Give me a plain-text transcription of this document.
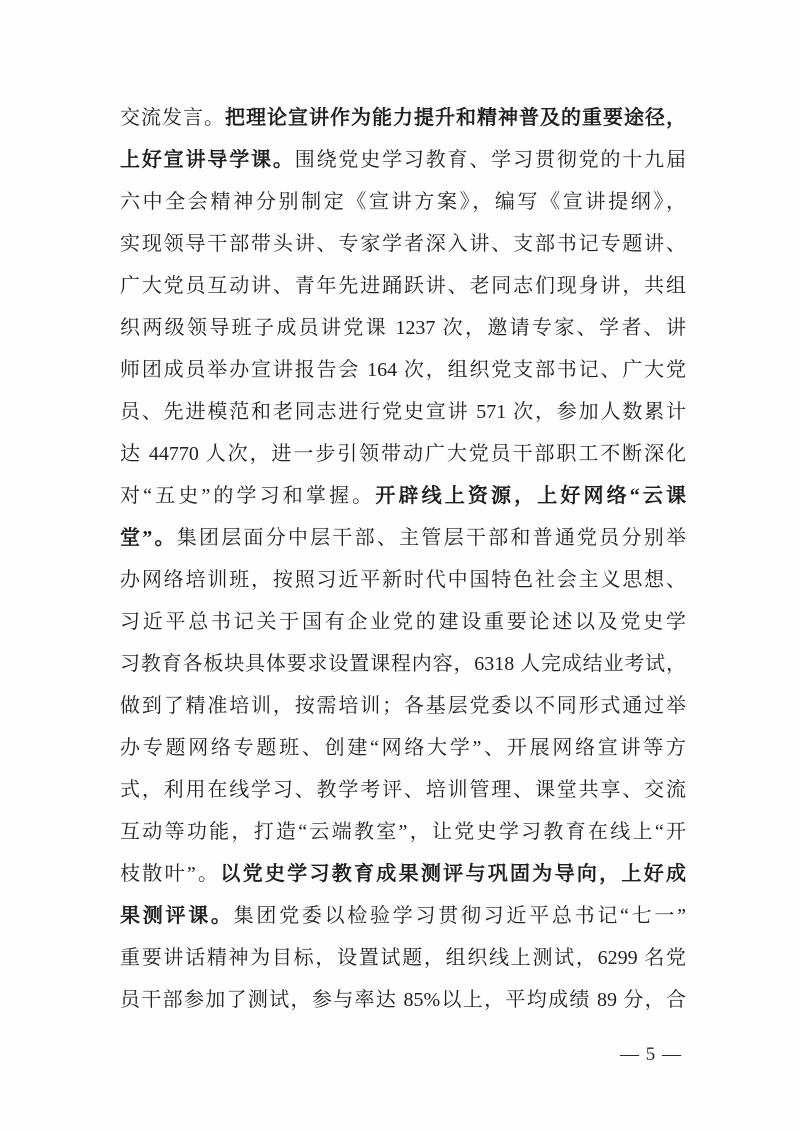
交流发言。把理论宣讲作为能力提升和精神普及的重要途径，
上好宣讲导学课。围绕党史学习教育、学习贯彻党的十九届
六中全会精神分别制定《宣讲方案》，编写《宣讲提纲》，
实现领导干部带头讲、专家学者深入讲、支部书记专题讲、
广大党员互动讲、青年先进踊跃讲、老同志们现身讲，共组
织两级领导班子成员讲党课 1237 次，邀请专家、学者、讲
师团成员举办宣讲报告会 164 次，组织党支部书记、广大党
员、先进模范和老同志进行党史宣讲 571 次，参加人数累计
达 44770 人次，进一步引领带动广大党员干部职工不断深化
对“五史”的学习和掌握。开辟线上资源，上好网络“云课
堂”。集团层面分中层干部、主管层干部和普通党员分别举
办网络培训班，按照习近平新时代中国特色社会主义思想、
习近平总书记关于国有企业党的建设重要论述以及党史学
习教育各板块具体要求设置课程内容，6318 人完成结业考试，
做到了精准培训，按需培训；各基层党委以不同形式通过举
办专题网络专题班、创建“网络大学”、开展网络宣讲等方
式，利用在线学习、教学考评、培训管理、课堂共享、交流
互动等功能，打造“云端教室”，让党史学习教育在线上“开
枝散叶”。以党史学习教育成果测评与巩固为导向，上好成
果测评课。集团党委以检验学习贯彻习近平总书记“七一”
重要讲话精神为目标，设置试题，组织线上测试，6299 名党
员干部参加了测试，参与率达 85%以上，平均成绩 89 分，合
— 5 —
